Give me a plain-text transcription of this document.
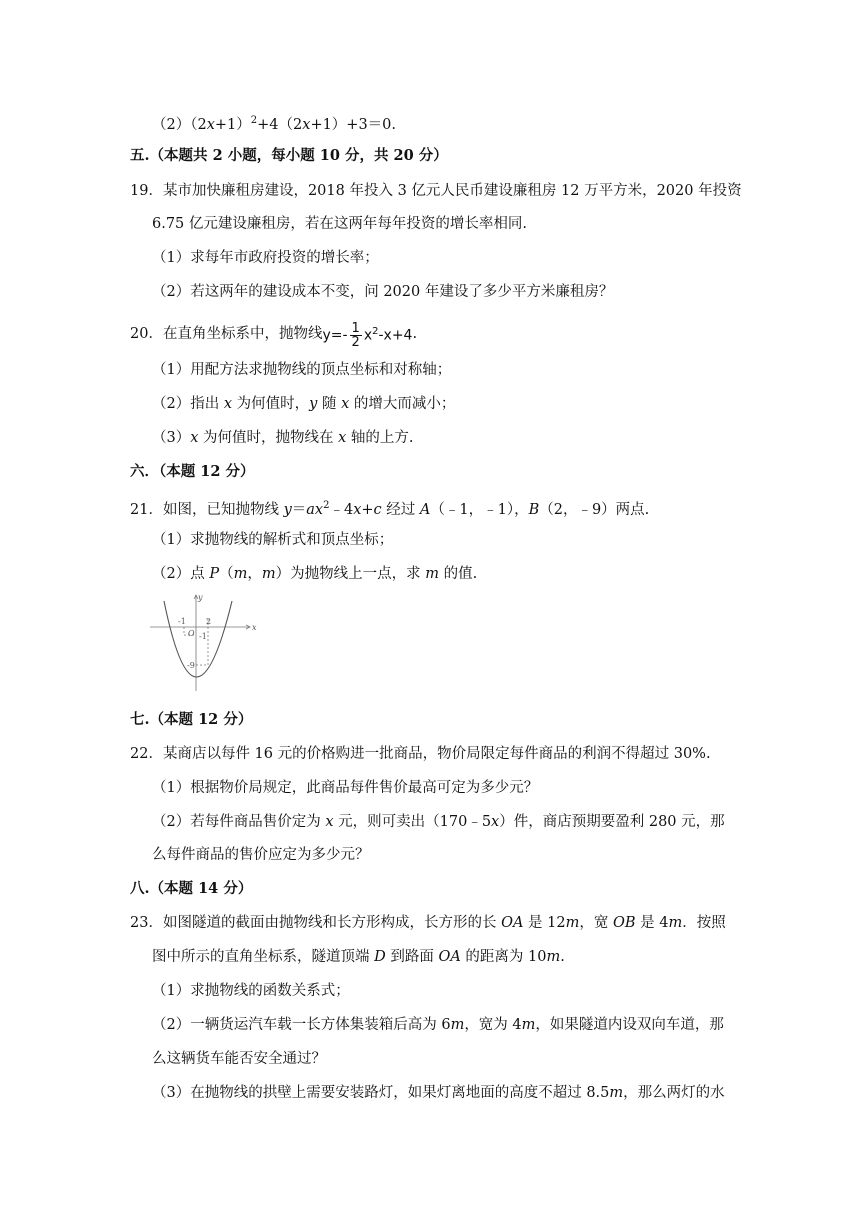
$(2)(2x+1)^2+4(2x+1)+3=0$.
五.（本题共 2 小题，每小题 10 分，共 20 分）
19．某市加快廉租房建设，2018 年投入 3 亿元人民币建设廉租房 12 万平方米，2020 年投资
6.75 亿元建设廉租房，若在这两年每年投资的增长率相同.
（1）求每年市政府投资的增长率；
（2）若这两年的建设成本不变，问 2020 年建设了多少平方米廉租房？
20．在直角坐标系中，抛物线$y=- \frac{1}{2} x^2-x+4$.
（1）用配方法求抛物线的顶点坐标和对称轴；
（2）指出 x 为何值时，y 随 x 的增大而减小；
（3）x 为何值时，抛物线在 x 轴的上方.
六．（本题 12 分）
21．如图，已知抛物线 $y=ax^2﹣4x+c$ 经过 A（﹣1，﹣1），B（2，﹣9）两点.
（1）求抛物线的解析式和顶点坐标；
（2）点 P（m，m）为抛物线上一点，求 m 的值.
y
x
O
-1	2
-1
-9
七.（本题 12 分）
22．某商店以每件 16 元的价格购进一批商品，物价局限定每件商品的利润不得超过 30%.
（1）根据物价局规定，此商品每件售价最高可定为多少元？
（2）若每件商品售价定为 x 元，则可卖出（170﹣5x）件，商店预期要盈利 280 元，那
么每件商品的售价应定为多少元？
八.（本题 14 分）
23．如图隧道的截面由抛物线和长方形构成，长方形的长 OA 是 12m，宽 OB 是 4m．按照
图中所示的直角坐标系，隧道顶端 D 到路面 OA 的距离为 10m.
（1）求抛物线的函数关系式；
（2）一辆货运汽车载一长方体集装箱后高为 6m，宽为 4m，如果隧道内设双向车道，那
么这辆货车能否安全通过？
（3）在抛物线的拱壁上需要安装路灯，如果灯离地面的高度不超过 8.5m，那么两灯的水
